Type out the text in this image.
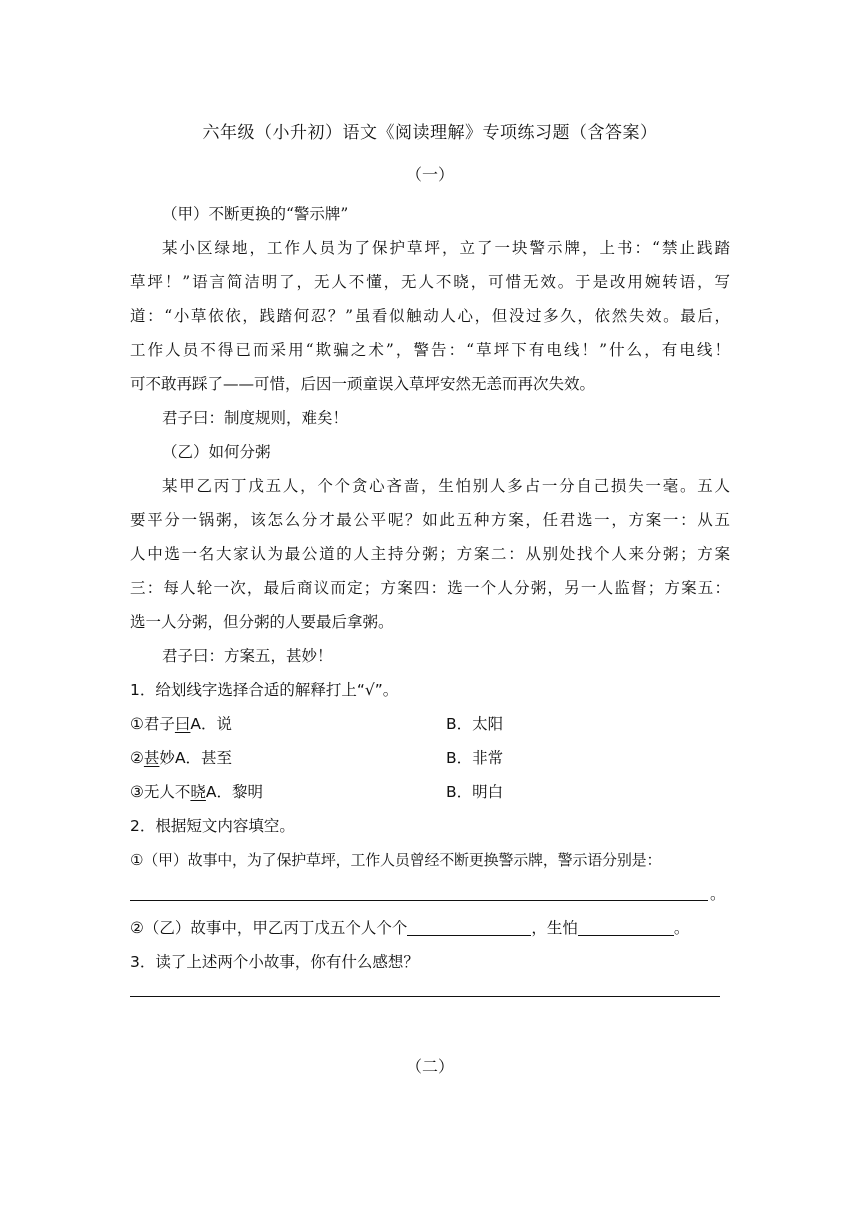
六年级（小升初）语文《阅读理解》专项练习题（含答案）
（一）
（甲）不断更换的“警示牌”
某小区绿地，工作人员为了保护草坪，立了一块警示牌，上书：“禁止践踏
草坪！”语言简洁明了，无人不懂，无人不晓，可惜无效。于是改用婉转语，写
道：“小草依依，践踏何忍？”虽看似触动人心，但没过多久，依然失效。最后，
工作人员不得已而采用“欺骗之术”，警告：“草坪下有电线！”什么，有电线！
可不敢再踩了——可惜，后因一顽童误入草坪安然无恙而再次失效。
君子曰：制度规则，难矣！
（乙）如何分粥
某甲乙丙丁戊五人，个个贪心吝啬，生怕别人多占一分自己损失一毫。五人
要平分一锅粥，该怎么分才最公平呢？如此五种方案，任君选一，方案一：从五
人中选一名大家认为最公道的人主持分粥；方案二：从别处找个人来分粥；方案
三：每人轮一次，最后商议而定；方案四：选一个人分粥，另一人监督；方案五：
选一人分粥，但分粥的人要最后拿粥。
君子曰：方案五，甚妙！
1．给划线字选择合适的解释打上“√”。
①君子曰A．说	B．太阳
②甚妙A．甚至	B．非常
③无人不晓A．黎明	B．明白
2．根据短文内容填空。
①（甲）故事中，为了保护草坪，工作人员曾经不断更换警示牌，警示语分别是：
。
②（乙）故事中，甲乙丙丁戊五个人个个	，生怕	。
3．读了上述两个小故事，你有什么感想？
（二）
